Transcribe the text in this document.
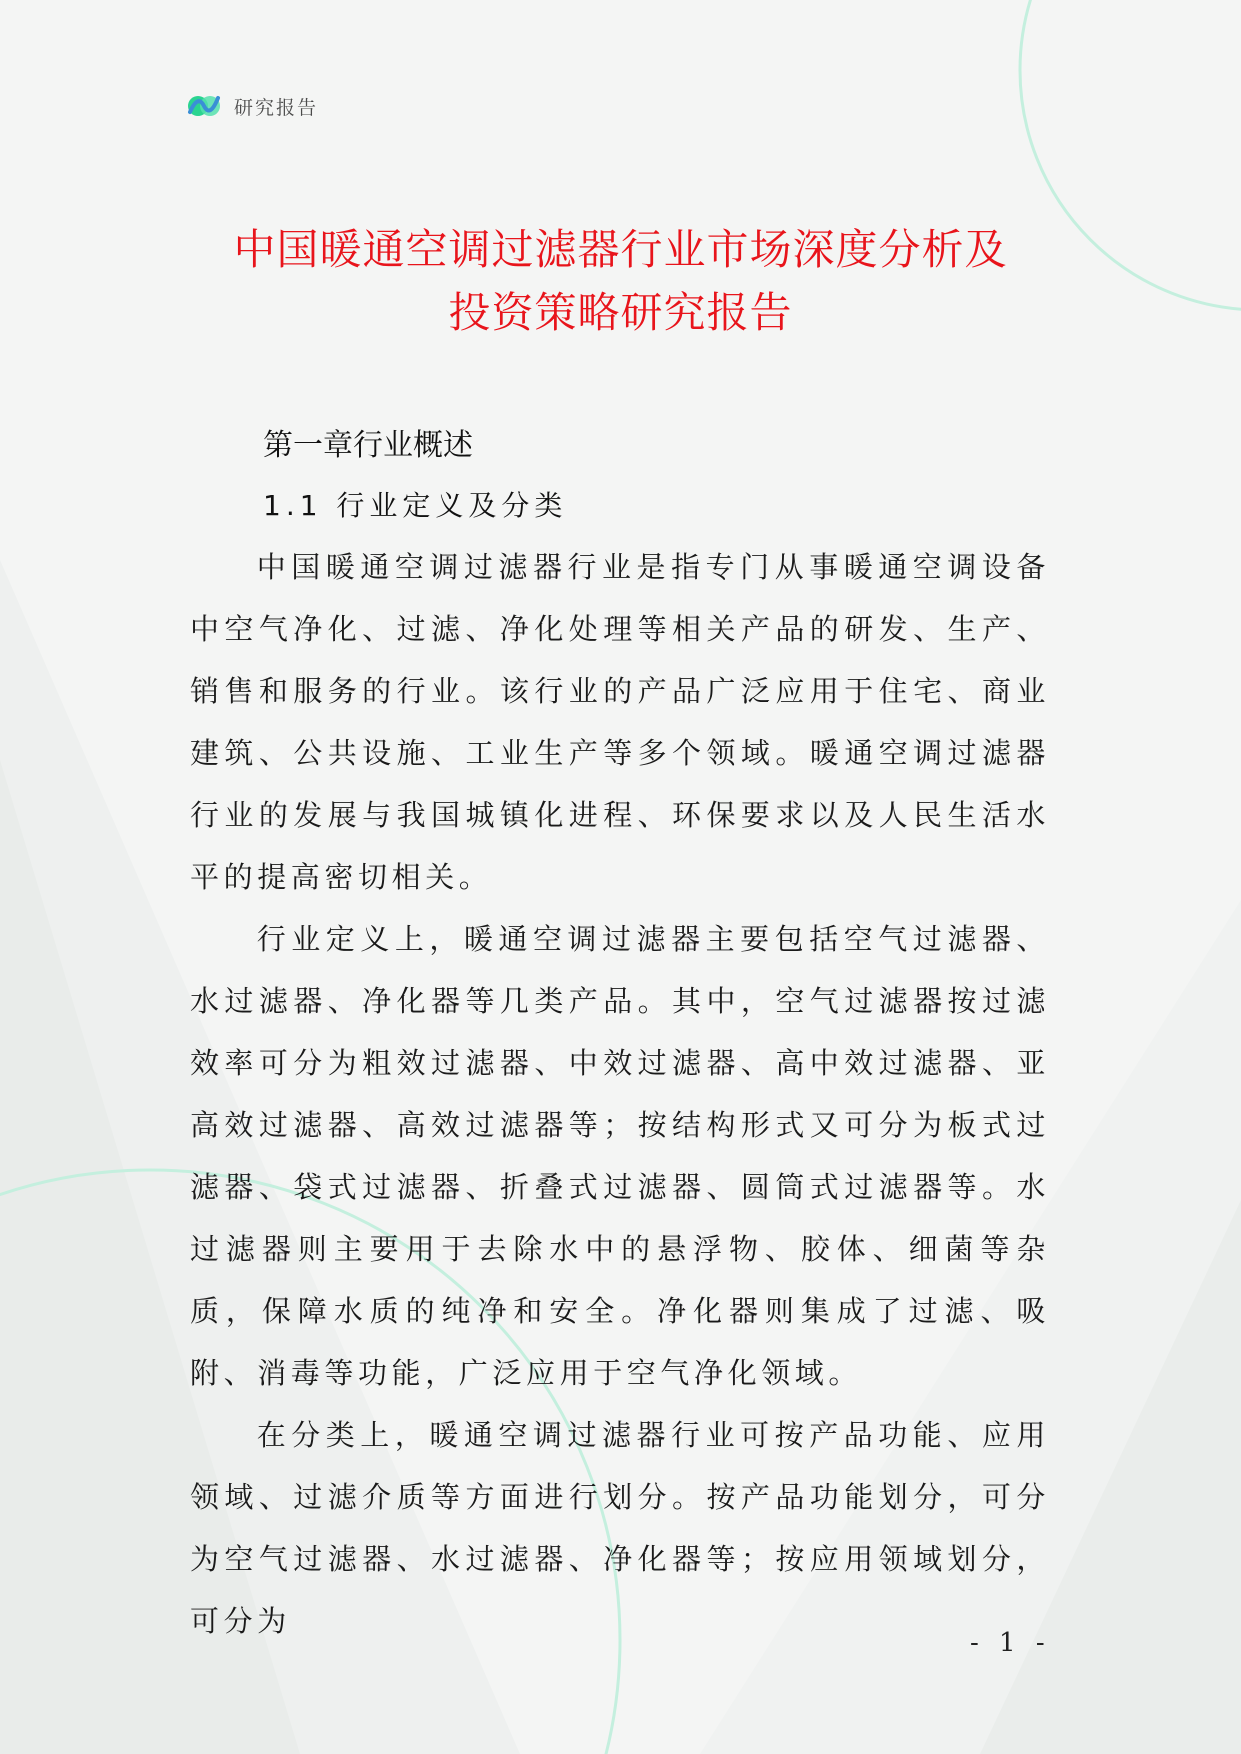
研究报告
中国暖通空调过滤器行业市场深度分析及
投资策略研究报告
第一章行业概述
1.1 行业定义及分类

中国暖通空调过滤器行业是指专门从事暖通空调设备中空气净化、过滤、净化处理等相关产品的研发、生产、销售和服务的行业。该行业的产品广泛应用于住宅、商业建筑、公共设施、工业生产等多个领域。暖通空调过滤器行业的发展与我国城镇化进程、环保要求以及人民生活水平的提高密切相关。

行业定义上，暖通空调过滤器主要包括空气过滤器、水过滤器、净化器等几类产品。其中，空气过滤器按过滤效率可分为粗效过滤器、中效过滤器、高中效过滤器、亚高效过滤器、高效过滤器等；按结构形式又可分为板式过滤器、袋式过滤器、折叠式过滤器、圆筒式过滤器等。水过滤器则主要用于去除水中的悬浮物、胶体、细菌等杂质，保障水质的纯净和安全。净化器则集成了过滤、吸附、消毒等功能，广泛应用于空气净化领域。

在分类上，暖通空调过滤器行业可按产品功能、应用领域、过滤介质等方面进行划分。按产品功能划分，可分为空气过滤器、水过滤器、净化器等；按应用领域划分，可分为

- 1 -
